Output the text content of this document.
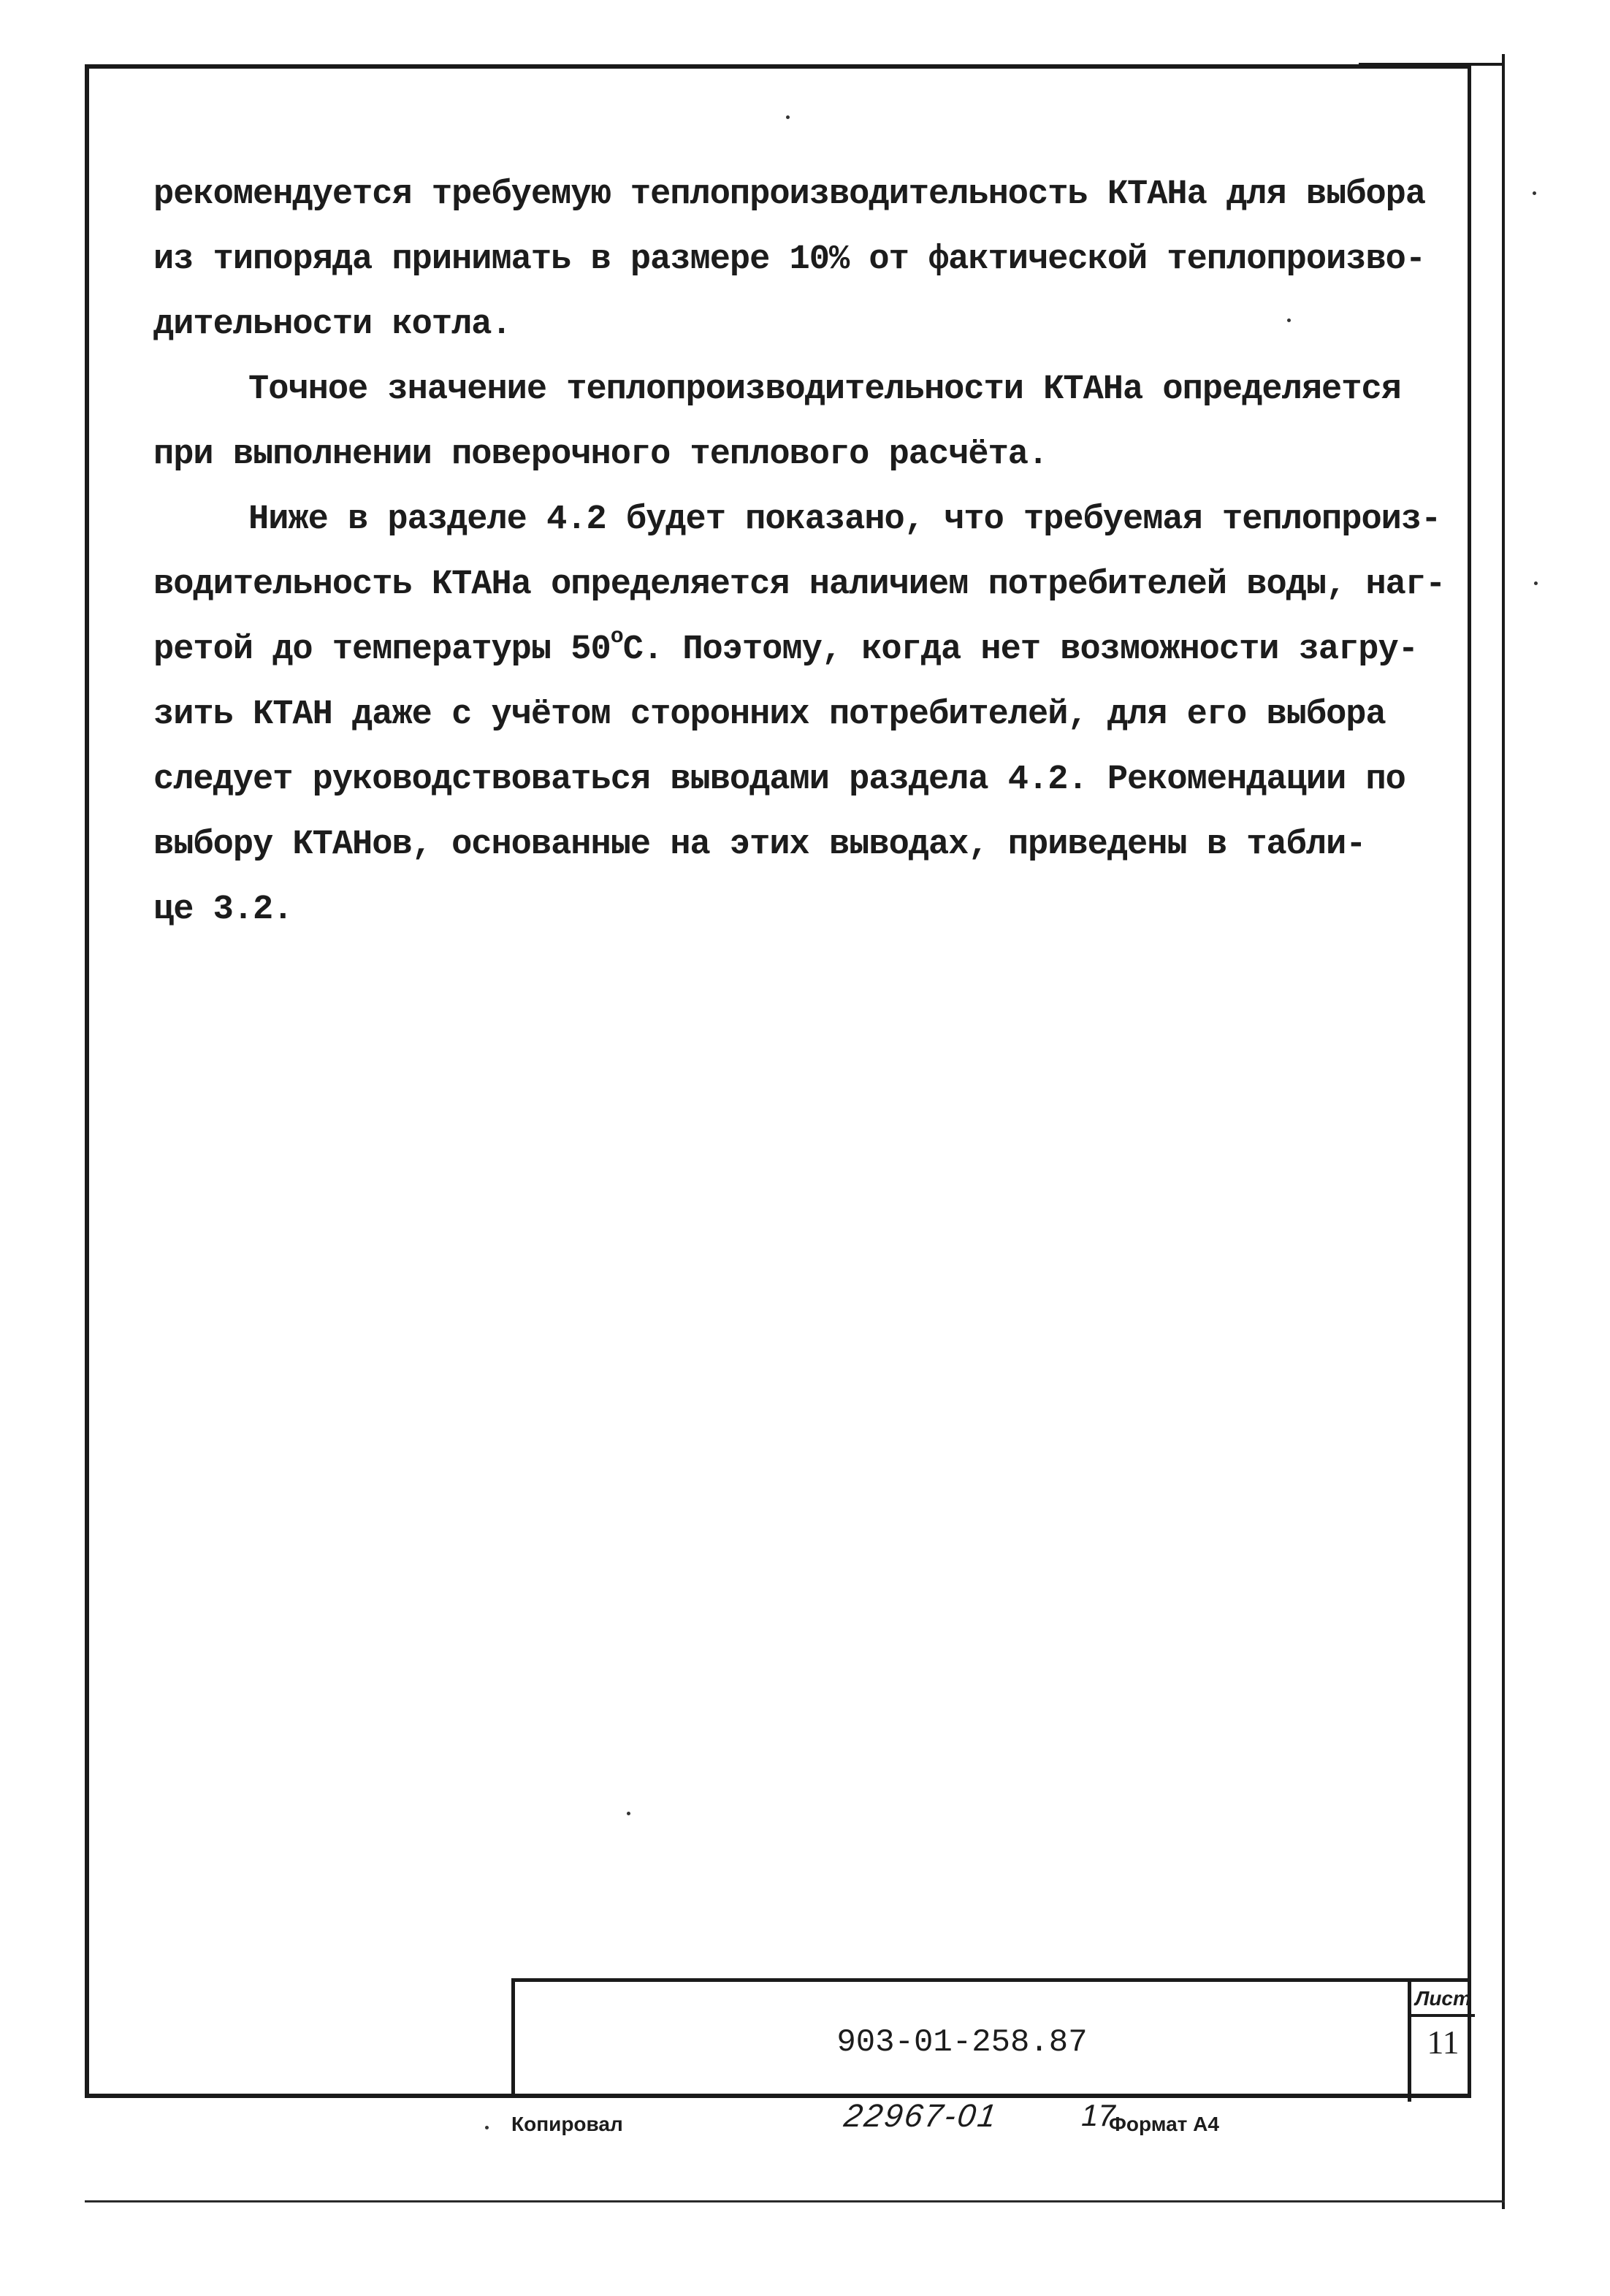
рекомендуется требуемую теплопроизводительность КТАНа для выбора
из типоряда принимать в размере 10% от фактической теплопроизво-
дительности котла.
Точное значение теплопроизводительности КТАНа определяется
при выполнении поверочного теплового расчёта.
Ниже в разделе 4.2 будет показано, что требуемая теплопроиз-
водительность КТАНа определяется наличием потребителей воды, наг-
ретой до температуры 50$^o$С. Поэтому, когда нет возможности загру-
зить КТАН даже с учётом сторонних потребителей, для его выбора
следует руководствоваться выводами раздела 4.2. Рекомендации по
выбору КТАНов, основанные на этих выводах, приведены в табли-
це 3.2.
903-01-258.87
Лист
11
Копировал	22967-01	17
Формат А4
